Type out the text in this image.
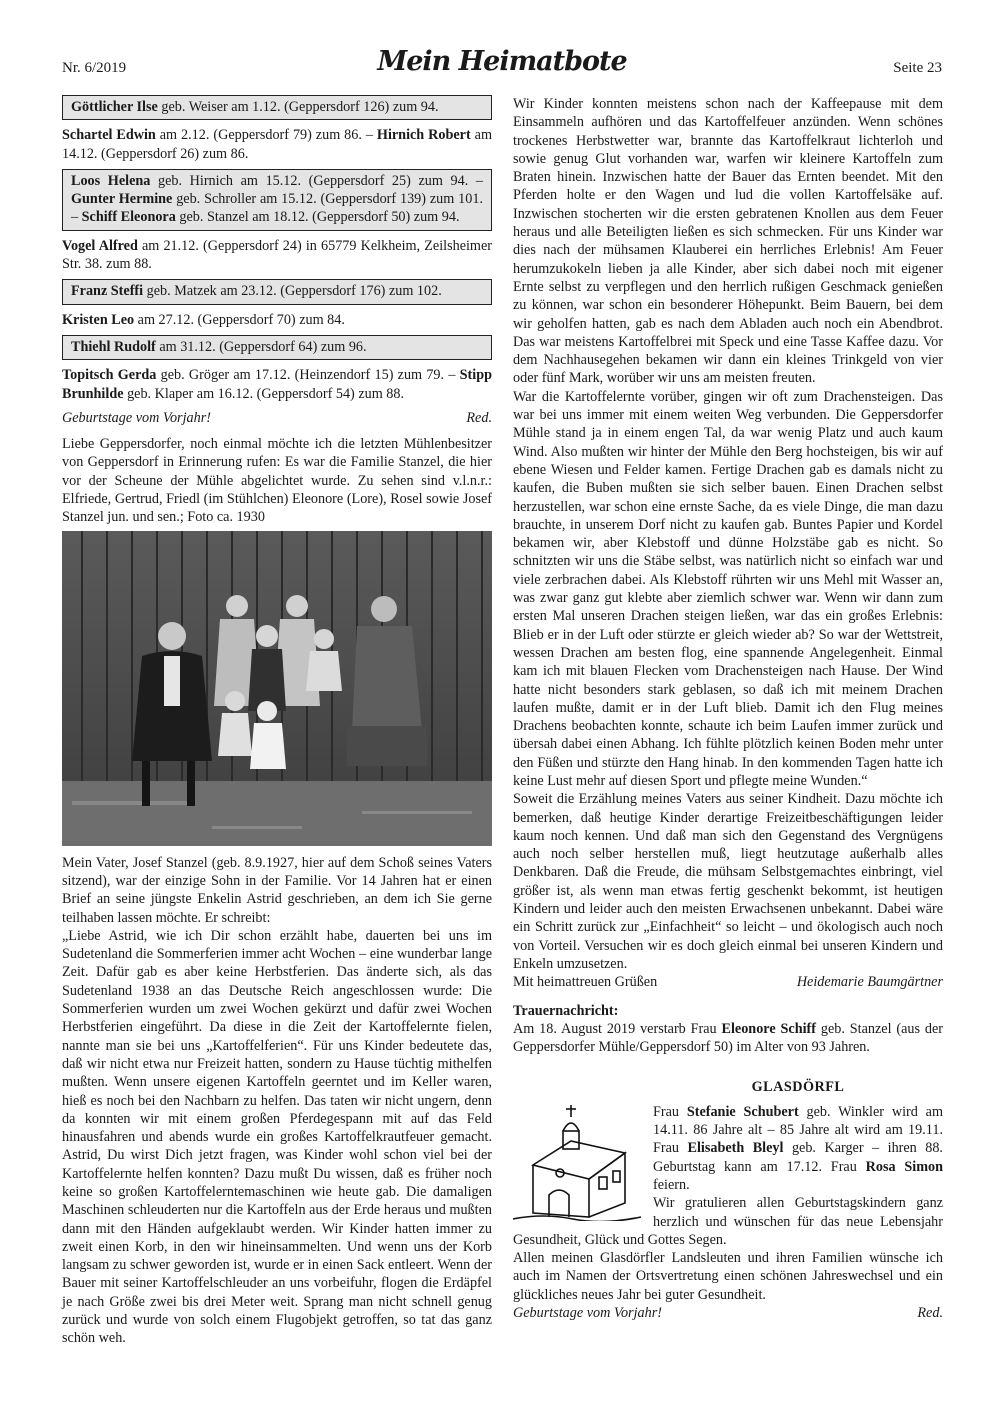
Nr. 6/2019	Mein Heimatbote	Seite 23
Göttlicher Ilse geb. Weiser am 1.12. (Geppersdorf 126) zum 94.
Schartel Edwin am 2.12. (Geppersdorf 79) zum 86. – Hirnich Robert am 14.12. (Geppersdorf 26) zum 86.
Loos Helena geb. Hirnich am 15.12. (Geppersdorf 25) zum 94. – Gunter Hermine geb. Schroller am 15.12. (Geppersdorf 139) zum 101. – Schiff Eleonora geb. Stanzel am 18.12. (Geppersdorf 50) zum 94.
Vogel Alfred am 21.12. (Geppersdorf 24) in 65779 Kelkheim, Zeilsheimer Str. 38. zum 88.
Franz Steffi geb. Matzek am 23.12. (Geppersdorf 176) zum 102.
Kristen Leo am 27.12. (Geppersdorf 70) zum 84.
Thiehl Rudolf am 31.12. (Geppersdorf 64) zum 96.
Topitsch Gerda geb. Gröger am 17.12. (Heinzendorf 15) zum 79. – Stipp Brunhilde geb. Klaper am 16.12. (Geppersdorf 54) zum 88.
Geburtstage vom Vorjahr!	Red.

Liebe Geppersdorfer, noch einmal möchte ich die letzten Mühlenbesitzer von Geppersdorf in Erinnerung rufen: Es war die Familie Stanzel, die hier vor der Scheune der Mühle abgelichtet wurde. Zu sehen sind v.l.n.r.: Elfriede, Gertrud, Friedl (im Stühlchen) Eleonore (Lore), Rosel sowie Josef Stanzel jun. und sen.; Foto ca. 1930

Mein Vater, Josef Stanzel (geb. 8.9.1927, hier auf dem Schoß seines Vaters sitzend), war der einzige Sohn in der Familie. Vor 14 Jahren hat er einen Brief an seine jüngste Enkelin Astrid geschrieben, an dem ich Sie gerne teilhaben lassen möchte. Er schreibt:

„Liebe Astrid, wie ich Dir schon erzählt habe, dauerten bei uns im Sudetenland die Sommerferien immer acht Wochen – eine wunderbar lange Zeit. Dafür gab es aber keine Herbstferien. Das änderte sich, als das Sudetenland 1938 an das Deutsche Reich angeschlossen wurde: Die Sommerferien wurden um zwei Wochen gekürzt und dafür zwei Wochen Herbstferien eingeführt. Da diese in die Zeit der Kartoffelernte fielen, nannte man sie bei uns „Kartoffelferien“. Für uns Kinder bedeutete das, daß wir nicht etwa nur Freizeit hatten, sondern zu Hause tüchtig mithelfen mußten. Wenn unsere eigenen Kartoffeln geerntet und im Keller waren, hieß es noch bei den Nachbarn zu helfen. Das taten wir nicht ungern, denn da konnten wir mit einem großen Pferdegespann mit auf das Feld hinausfahren und abends wurde ein großes Kartoffelkrautfeuer gemacht. Astrid, Du wirst Dich jetzt fragen, was Kinder wohl schon viel bei der Kartoffelernte helfen konnten? Dazu mußt Du wissen, daß es früher noch keine so großen Kartoffelerntemaschinen wie heute gab. Die damaligen Maschinen schleuderten nur die Kartoffeln aus der Erde heraus und mußten dann mit den Händen aufgeklaubt werden. Wir Kinder hatten immer zu zweit einen Korb, in den wir hineinsammelten. Und wenn uns der Korb langsam zu schwer geworden ist, wurde er in einen Sack entleert. Wenn der Bauer mit seiner Kartoffelschleuder an uns vorbeifuhr, flogen die Erdäpfel je nach Größe zwei bis drei Meter weit. Sprang man nicht schnell genug zurück und wurde von solch einem Flugobjekt getroffen, so tat das ganz schön weh.

Wir Kinder konnten meistens schon nach der Kaffeepause mit dem Einsammeln aufhören und das Kartoffelfeuer anzünden. Wenn schönes trockenes Herbstwetter war, brannte das Kartoffelkraut lichterloh und sowie genug Glut vorhanden war, warfen wir kleinere Kartoffeln zum Braten hinein. Inzwischen hatte der Bauer das Ernten beendet. Mit den Pferden holte er den Wagen und lud die vollen Kartoffelsäke auf. Inzwischen stocherten wir die ersten gebratenen Knollen aus dem Feuer heraus und alle Beteiligten ließen es sich schmecken. Für uns Kinder war dies nach der mühsamen Klauberei ein herrliches Erlebnis! Am Feuer herumzukokeln lieben ja alle Kinder, aber sich dabei noch mit eigener Ernte selbst zu verpflegen und den herrlich rußigen Geschmack genießen zu können, war schon ein besonderer Höhepunkt. Beim Bauern, bei dem wir geholfen hatten, gab es nach dem Abladen auch noch ein Abendbrot. Das war meistens Kartoffelbrei mit Speck und eine Tasse Kaffee dazu. Vor dem Nachhausegehen bekamen wir dann ein kleines Trinkgeld von vier oder fünf Mark, worüber wir uns am meisten freuten.

War die Kartoffelernte vorüber, gingen wir oft zum Drachensteigen. Das war bei uns immer mit einem weiten Weg verbunden. Die Geppersdorfer Mühle stand ja in einem engen Tal, da war wenig Platz und auch kaum Wind. Also mußten wir hinter der Mühle den Berg hochsteigen, bis wir auf ebene Wiesen und Felder kamen. Fertige Drachen gab es damals nicht zu kaufen, die Buben mußten sie sich selber bauen. Einen Drachen selbst herzustellen, war schon eine ernste Sache, da es viele Dinge, die man dazu brauchte, in unserem Dorf nicht zu kaufen gab. Buntes Papier und Kordel bekamen wir, aber Klebstoff und dünne Holzstäbe gab es nicht. So schnitzten wir uns die Stäbe selbst, was natürlich nicht so einfach war und viele zerbrachen dabei. Als Klebstoff rührten wir uns Mehl mit Wasser an, was zwar ganz gut klebte aber ziemlich schwer war. Wenn wir dann zum ersten Mal unseren Drachen steigen ließen, war das ein großes Erlebnis: Blieb er in der Luft oder stürzte er gleich wieder ab? So war der Wettstreit, wessen Drachen am besten flog, eine spannende Angelegenheit. Einmal kam ich mit blauen Flecken vom Drachensteigen nach Hause. Der Wind hatte nicht besonders stark geblasen, so daß ich mit meinem Drachen laufen mußte, damit er in der Luft blieb. Damit ich den Flug meines Drachens beobachten konnte, schaute ich beim Laufen immer zurück und übersah dabei einen Abhang. Ich fühlte plötzlich keinen Boden mehr unter den Füßen und stürzte den Hang hinab. In den kommenden Tagen hatte ich keine Lust mehr auf diesen Sport und pflegte meine Wunden.“

Soweit die Erzählung meines Vaters aus seiner Kindheit. Dazu möchte ich bemerken, daß heutige Kinder derartige Freizeitbeschäftigungen leider kaum noch kennen. Und daß man sich den Gegenstand des Vergnügens auch noch selber herstellen muß, liegt heutzutage außerhalb alles Denkbaren. Daß die Freude, die mühsam Selbstgemachtes einbringt, viel größer ist, als wenn man etwas fertig geschenkt bekommt, ist heutigen Kindern und leider auch den meisten Erwachsenen unbekannt. Dabei wäre ein Schritt zurück zur „Einfachheit“ so leicht – und ökologisch auch noch von Vorteil. Versuchen wir es doch gleich einmal bei unseren Kindern und Enkeln umzusetzen.

Mit heimattreuen Grüßen	Heidemarie Baumgärtner

Trauernachricht:

Am 18. August 2019 verstarb Frau Eleonore Schiff geb. Stanzel (aus der Geppersdorfer Mühle/Geppersdorf 50) im Alter von 93 Jahren.

GLASDÖRFL

Frau Stefanie Schubert geb. Winkler wird am 14.11. 86 Jahre alt – 85 Jahre alt wird am 19.11. Frau Elisabeth Bleyl geb. Karger – ihren 88. Geburtstag kann am 17.12. Frau Rosa Simon feiern.

Wir gratulieren allen Geburtstagskindern ganz herzlich und wünschen für das neue Lebensjahr Gesundheit, Glück und Gottes Segen.

Allen meinen Glasdörfler Landsleuten und ihren Familien wünsche ich auch im Namen der Ortsvertretung einen schönen Jahreswechsel und ein glückliches neues Jahr bei guter Gesundheit.

Geburtstage vom Vorjahr!	Red.
